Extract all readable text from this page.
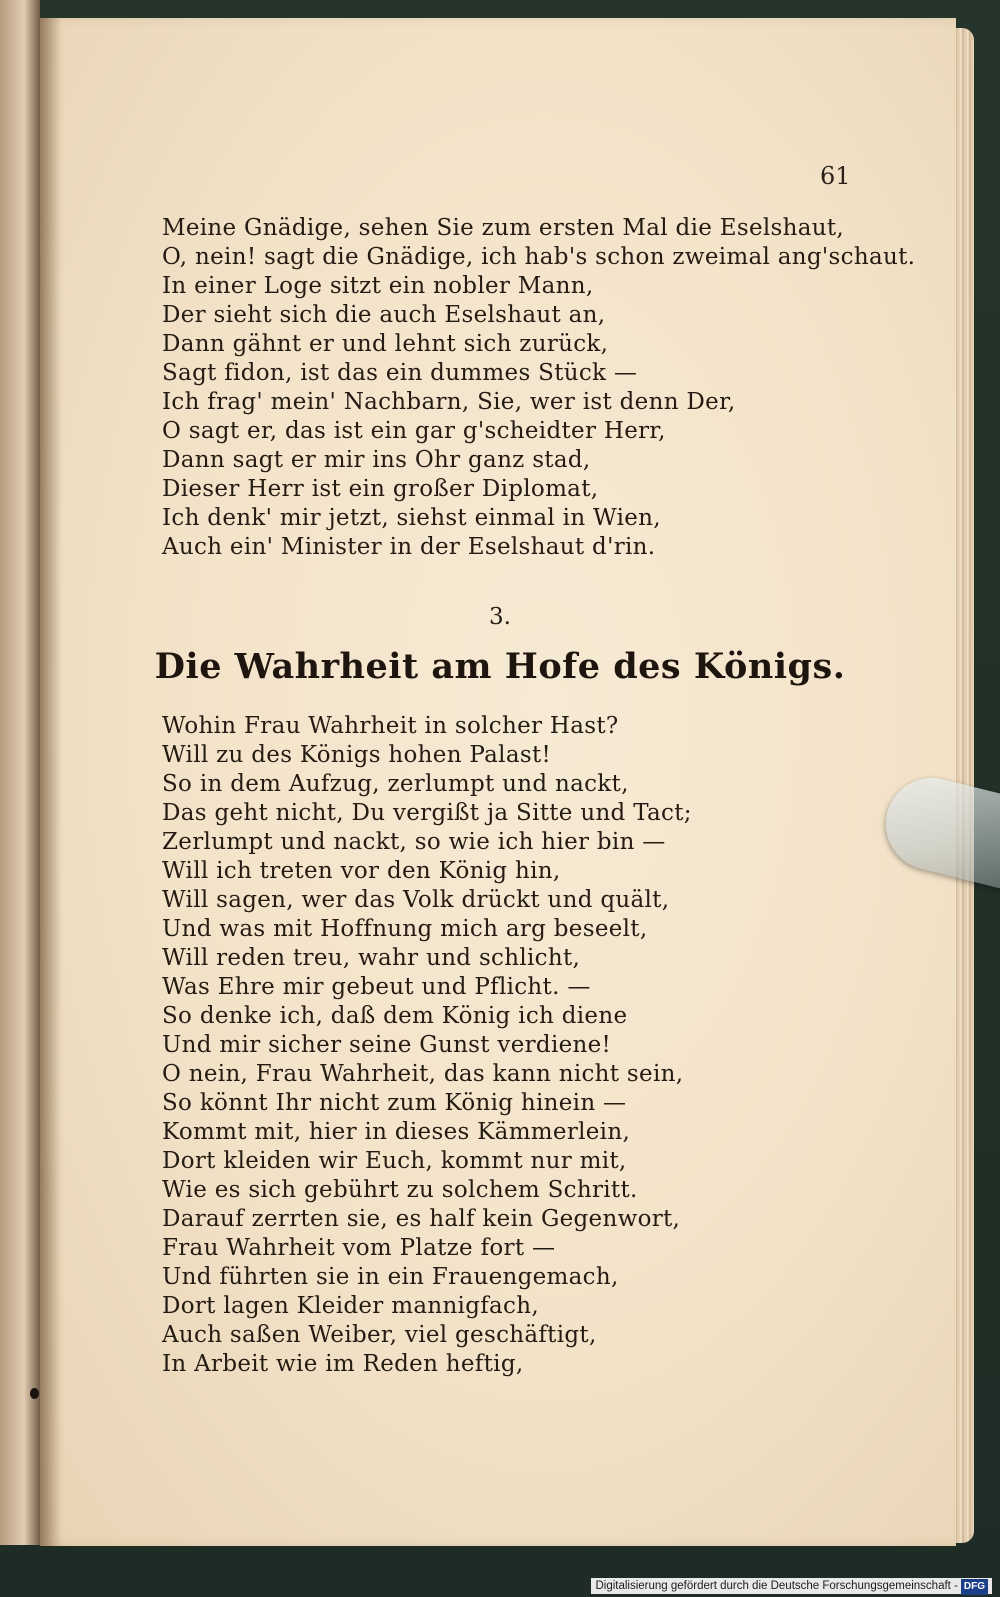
61
Meine Gnädige, sehen Sie zum ersten Mal die Eselshaut,
O, nein! sagt die Gnädige, ich hab's schon zweimal ang'schaut.
In einer Loge sitzt ein nobler Mann,
Der sieht sich die auch Eselshaut an,
Dann gähnt er und lehnt sich zurück,
Sagt fidon, ist das ein dummes Stück —
Ich frag' mein' Nachbarn, Sie, wer ist denn Der,
O sagt er, das ist ein gar g'scheidter Herr,
Dann sagt er mir ins Ohr ganz stad,
Dieser Herr ist ein großer Diplomat,
Ich denk' mir jetzt, siehst einmal in Wien,
Auch ein' Minister in der Eselshaut d'rin.
3.
Die Wahrheit am Hofe des Königs.
Wohin Frau Wahrheit in solcher Hast?
Will zu des Königs hohen Palast!
So in dem Aufzug, zerlumpt und nackt,
Das geht nicht, Du vergißt ja Sitte und Tact;
Zerlumpt und nackt, so wie ich hier bin —
Will ich treten vor den König hin,
Will sagen, wer das Volk drückt und quält,
Und was mit Hoffnung mich arg beseelt,
Will reden treu, wahr und schlicht,
Was Ehre mir gebeut und Pflicht. —
So denke ich, daß dem König ich diene
Und mir sicher seine Gunst verdiene!
O nein, Frau Wahrheit, das kann nicht sein,
So könnt Ihr nicht zum König hinein —
Kommt mit, hier in dieses Kämmerlein,
Dort kleiden wir Euch, kommt nur mit,
Wie es sich gebührt zu solchem Schritt.
Darauf zerrten sie, es half kein Gegenwort,
Frau Wahrheit vom Platze fort —
Und führten sie in ein Frauengemach,
Dort lagen Kleider mannigfach,
Auch saßen Weiber, viel geschäftigt,
In Arbeit wie im Reden heftig,
Digitalisierung gefördert durch die Deutsche Forschungsgemeinschaft - DFG
